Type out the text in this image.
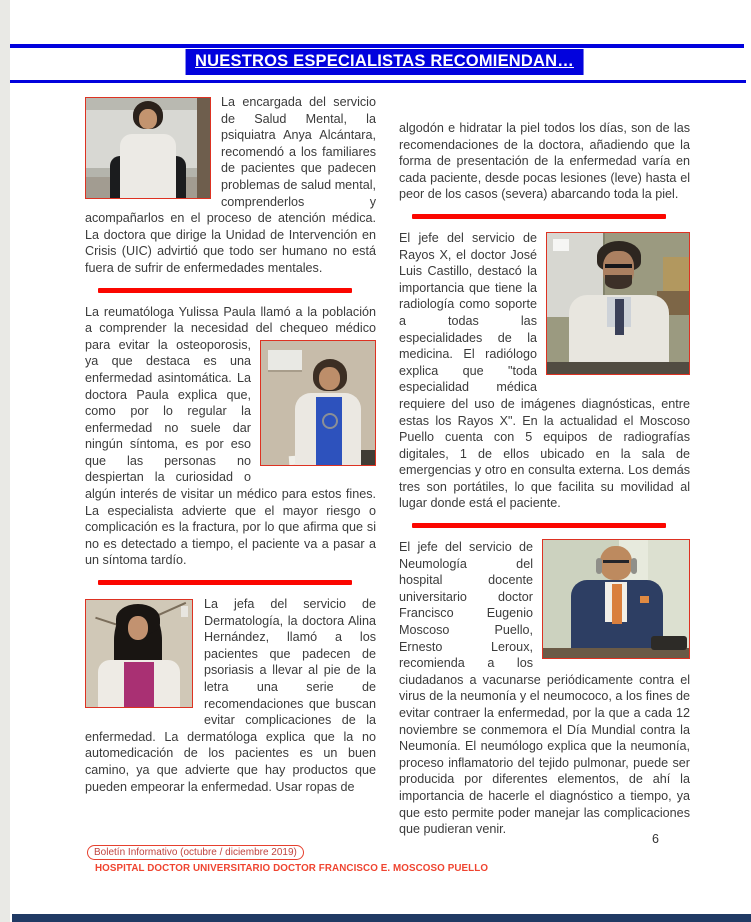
NUESTROS ESPECIALISTAS RECOMIENDAN…

La encargada del servicio de Salud Mental, la psiquiatra Anya Alcántara, recomendó a los familiares de pacientes que padecen problemas de salud mental, comprenderlos y acompañarlos en el proceso de atención médica. La doctora que dirige la Unidad de Intervención en Crisis (UIC) advirtió que todo ser humano no está fuera de sufrir de enfermedades mentales.

La reumatóloga Yulissa Paula llamó a la población a comprender la necesidad del chequeo médico para evitar la osteoporosis, ya que destaca es una enfermedad asintomática. La doctora Paula explica que, como por lo regular la enfermedad no suele dar ningún síntoma, es por eso que las personas no despiertan la curiosidad o algún interés de visitar un médico para estos fines. La especialista advierte que el mayor riesgo o complicación es la fractura, por lo que afirma que si no es detectado a tiempo, el paciente va a pasar a un síntoma tardío.

La jefa del servicio de Dermatología, la doctora Alina Hernández, llamó a los pacientes que padecen de psoriasis a llevar al pie de la letra una serie de recomendaciones que buscan evitar complicaciones de la enfermedad. La dermatóloga explica que la no automedicación de los pacientes es un buen camino, ya que advierte que hay productos que pueden empeorar la enfermedad. Usar ropas de

algodón e hidratar la piel todos los días, son de las recomendaciones de la doctora, añadiendo que la forma de presentación de la enfermedad varía en cada paciente, desde pocas lesiones (leve) hasta el peor de los casos (severa) abarcando toda la piel.

El jefe del servicio de Rayos X, el doctor José Luis Castillo, destacó la importancia que tiene la radiología como soporte a todas las especialidades de la medicina. El radiólogo explica que "toda especialidad médica requiere del uso de imágenes diagnósticas, entre estas los Rayos X". En la actualidad el Moscoso Puello cuenta con 5 equipos de radiografías digitales, 1 de ellos ubicado en la sala de emergencias y otro en consulta externa. Los demás tres son portátiles, lo que facilita su movilidad al lugar donde está el paciente.

El jefe del servicio de Neumología del hospital docente universitario doctor Francisco Eugenio Moscoso Puello, Ernesto Leroux, recomienda a los ciudadanos a vacunarse periódicamente contra el virus de la neumonía y el neumococo, a los fines de evitar contraer la enfermedad, por la que a cada 12 noviembre se conmemora el Día Mundial contra la Neumonía. El neumólogo explica que la neumonía, proceso inflamatorio del tejido pulmonar, puede ser producida por diferentes elementos, de ahí la importancia de hacerle el diagnóstico a tiempo, ya que esto permite poder manejar las complicaciones que pudieran venir.

6
Boletín Informativo (octubre / diciembre 2019)
HOSPITAL DOCTOR UNIVERSITARIO DOCTOR FRANCISCO E. MOSCOSO PUELLO
